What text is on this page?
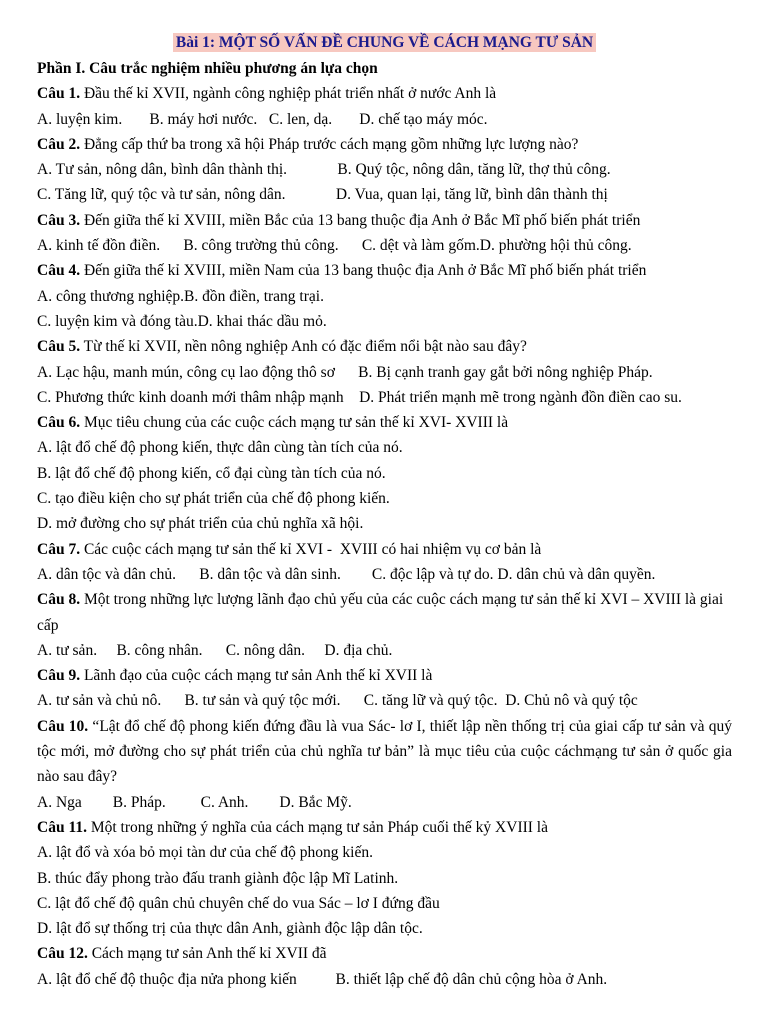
Bài 1: MỘT SỐ VẤN ĐỀ CHUNG VỀ CÁCH MẠNG TƯ SẢN
Phần I. Câu trắc nghiệm nhiều phương án lựa chọn
Câu 1. Đầu thế kỉ XVII, ngành công nghiệp phát triển nhất ở nước Anh là
A. luyện kim.       B. máy hơi nước.   C. len, dạ.       D. chế tạo máy móc.
Câu 2. Đẳng cấp thứ ba trong xã hội Pháp trước cách mạng gồm những lực lượng nào?
A. Tư sản, nông dân, bình dân thành thị.             B. Quý tộc, nông dân, tăng lữ, thợ thủ công.
C. Tăng lữ, quý tộc và tư sản, nông dân.             D. Vua, quan lại, tăng lữ, bình dân thành thị
Câu 3. Đến giữa thế kỉ XVIII, miền Bắc của 13 bang thuộc địa Anh ở Bắc Mĩ phố biến phát triển
A. kinh tế đồn điền.      B. công trường thủ công.      C. dệt và làm gốm.D. phường hội thủ công.
Câu 4. Đến giữa thế kỉ XVIII, miền Nam của 13 bang thuộc địa Anh ở Bắc Mĩ phố biến phát triển
A. công thương nghiệp.B. đồn điền, trang trại.
C. luyện kim và đóng tàu.D. khai thác dầu mỏ.
Câu 5. Từ thế kỉ XVII, nền nông nghiệp Anh có đặc điểm nổi bật nào sau đây?
A. Lạc hậu, manh mún, công cụ lao động thô sơ      B. Bị cạnh tranh gay gắt bởi nông nghiệp Pháp.
C. Phương thức kinh doanh mới thâm nhập mạnh    D. Phát triển mạnh mẽ trong ngành đồn điền cao su.
Câu 6. Mục tiêu chung của các cuộc cách mạng tư sản thế kỉ XVI- XVIII là
A. lật đổ chế độ phong kiến, thực dân cùng tàn tích của nó.
B. lật đổ chế độ phong kiến, cổ đại cùng tàn tích của nó.
C. tạo điều kiện cho sự phát triển của chế độ phong kiến.
D. mở đường cho sự phát triển của chủ nghĩa xã hội.
Câu 7. Các cuộc cách mạng tư sản thế kỉ XVI -  XVIII có hai nhiệm vụ cơ bản là
A. dân tộc và dân chủ.      B. dân tộc và dân sinh.        C. độc lập và tự do. D. dân chủ và dân quyền.
Câu 8. Một trong những lực lượng lãnh đạo chủ yếu của các cuộc cách mạng tư sản thế kỉ XVI – XVIII là giai cấp
A. tư sản.     B. công nhân.      C. nông dân.     D. địa chủ.
Câu 9. Lãnh đạo của cuộc cách mạng tư sản Anh thế kỉ XVII là
A. tư sản và chủ nô.      B. tư sản và quý tộc mới.      C. tăng lữ và quý tộc.  D. Chủ nô và quý tộc
Câu 10. “Lật đổ chế độ phong kiến đứng đầu là vua Sác- lơ I, thiết lập nền thống trị của giai cấp tư sản và quý tộc mới, mở đường cho sự phát triển của chủ nghĩa tư bản” là mục tiêu của cuộc cáchmạng tư sản ở quốc gia nào sau đây?
A. Nga        B. Pháp.         C. Anh.        D. Bắc Mỹ.
Câu 11. Một trong những ý nghĩa của cách mạng tư sản Pháp cuối thế kỷ XVIII là
A. lật đổ và xóa bỏ mọi tàn dư của chế độ phong kiến.
B. thúc đẩy phong trào đấu tranh giành độc lập Mĩ Latinh.
C. lật đổ chế độ quân chủ chuyên chế do vua Sác – lơ I đứng đầu
D. lật đổ sự thống trị của thực dân Anh, giành độc lập dân tộc.
Câu 12. Cách mạng tư sản Anh thế kỉ XVII đã
A. lật đổ chế độ thuộc địa nửa phong kiến          B. thiết lập chế độ dân chủ cộng hòa ở Anh.
